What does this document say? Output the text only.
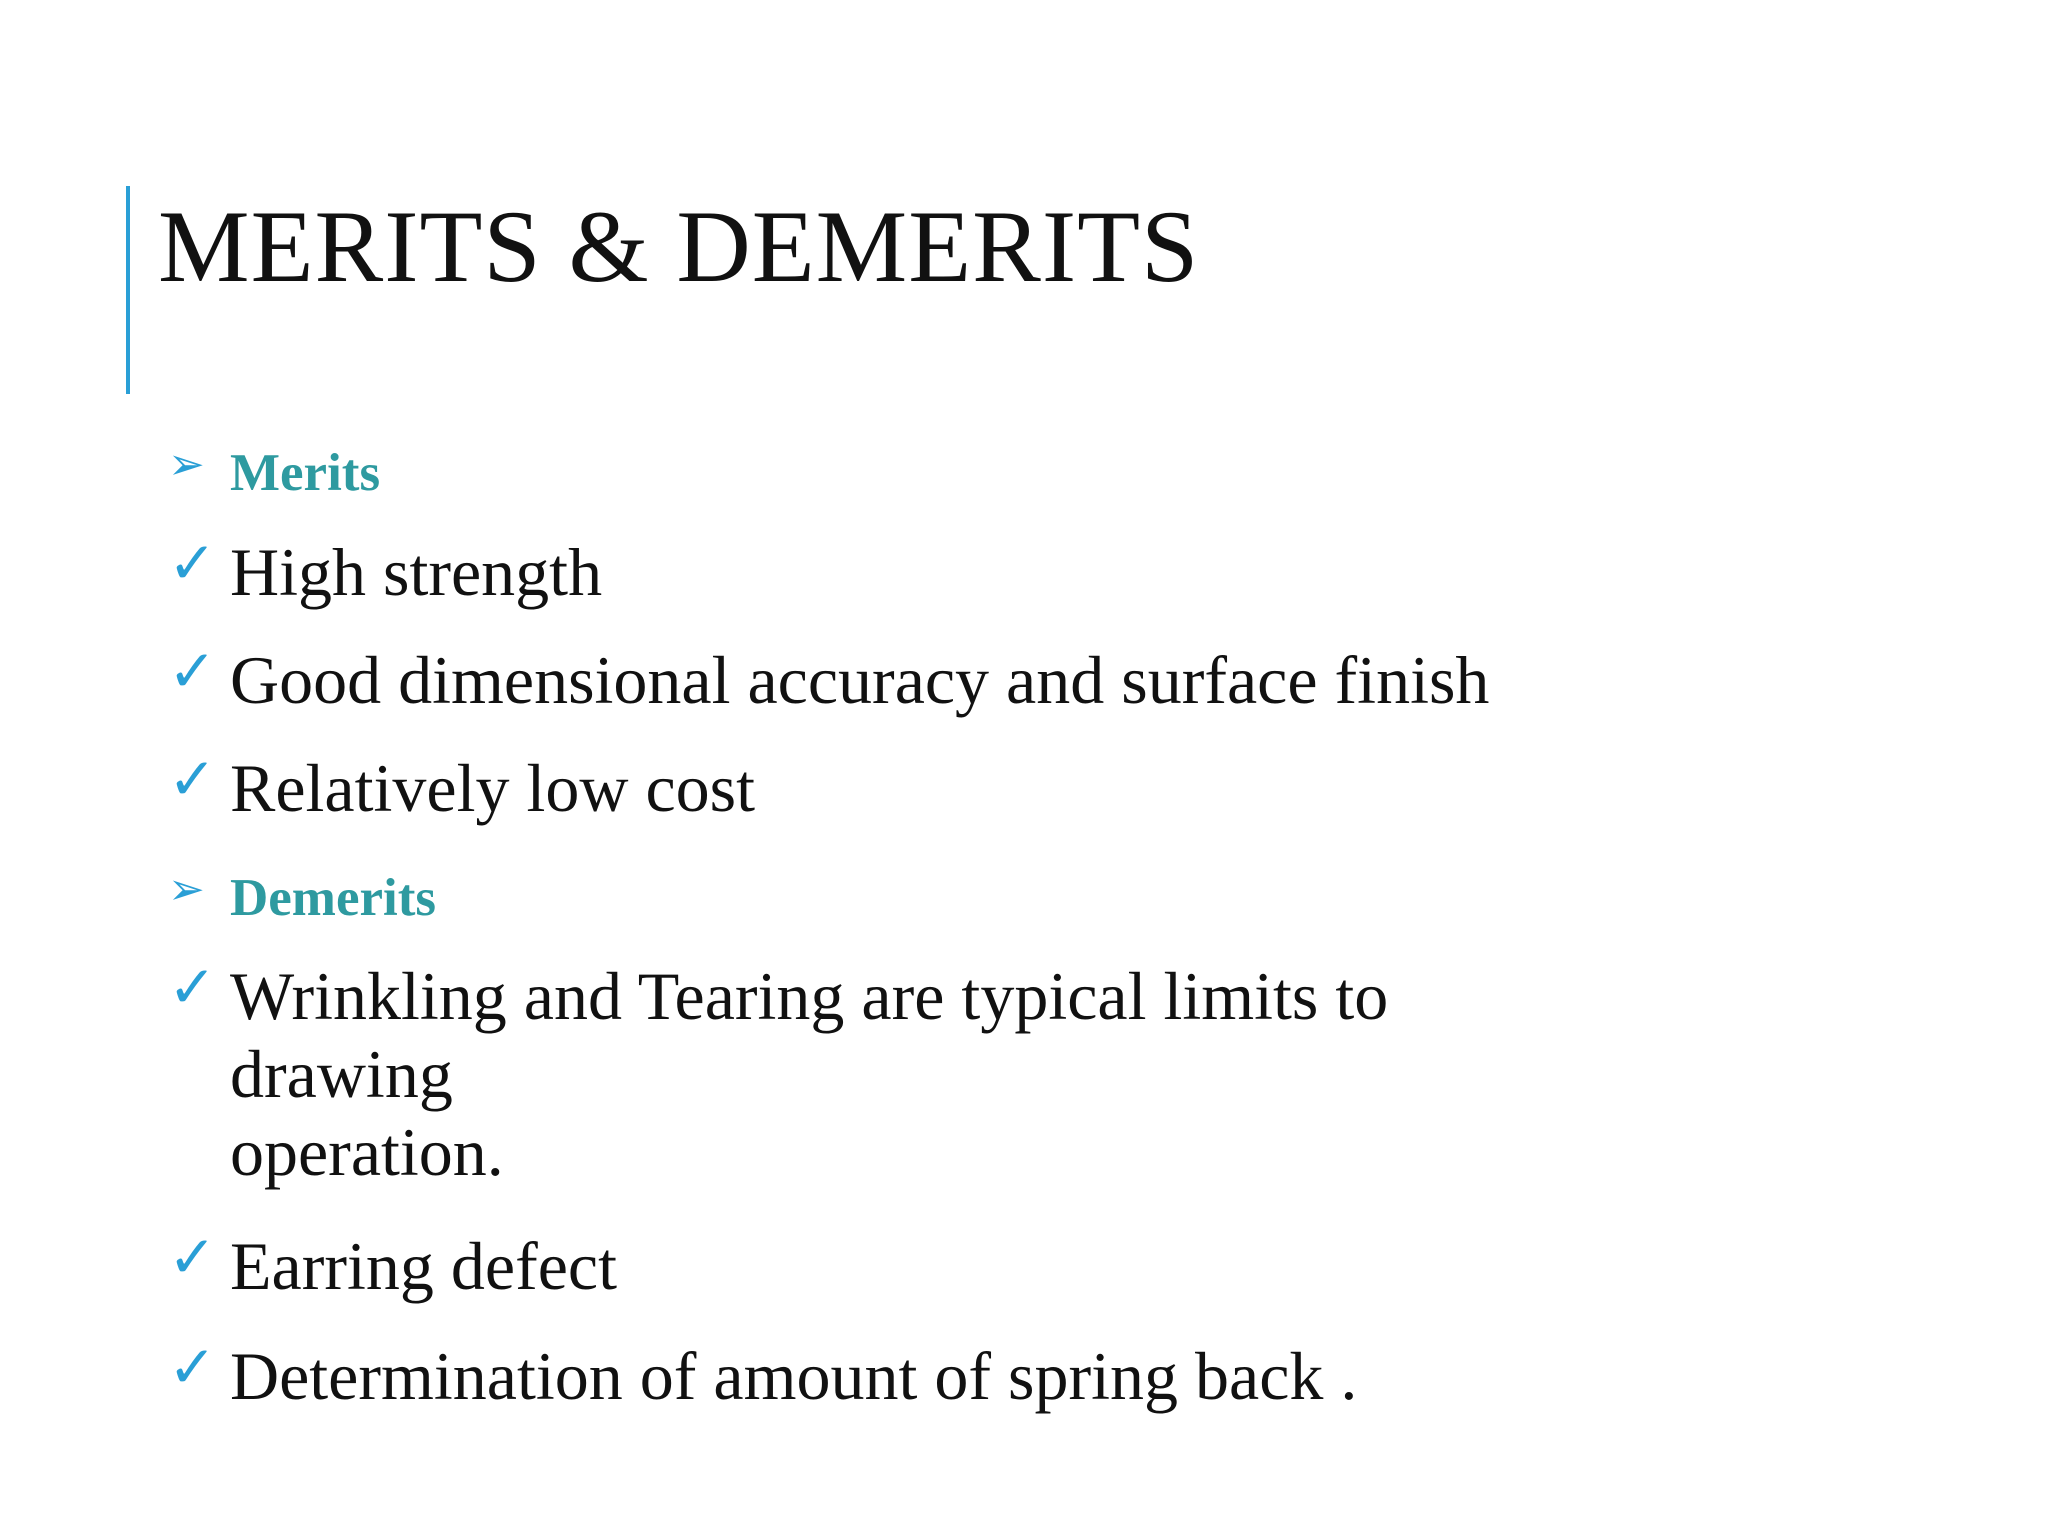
MERITS & DEMERITS
➢ Merits
✓ High strength
✓ Good dimensional accuracy and surface finish
✓ Relatively low cost
➢ Demerits
✓ Wrinkling and Tearing are typical limits to
drawing
operation.
✓ Earring defect
✓ Determination of amount of spring back .
